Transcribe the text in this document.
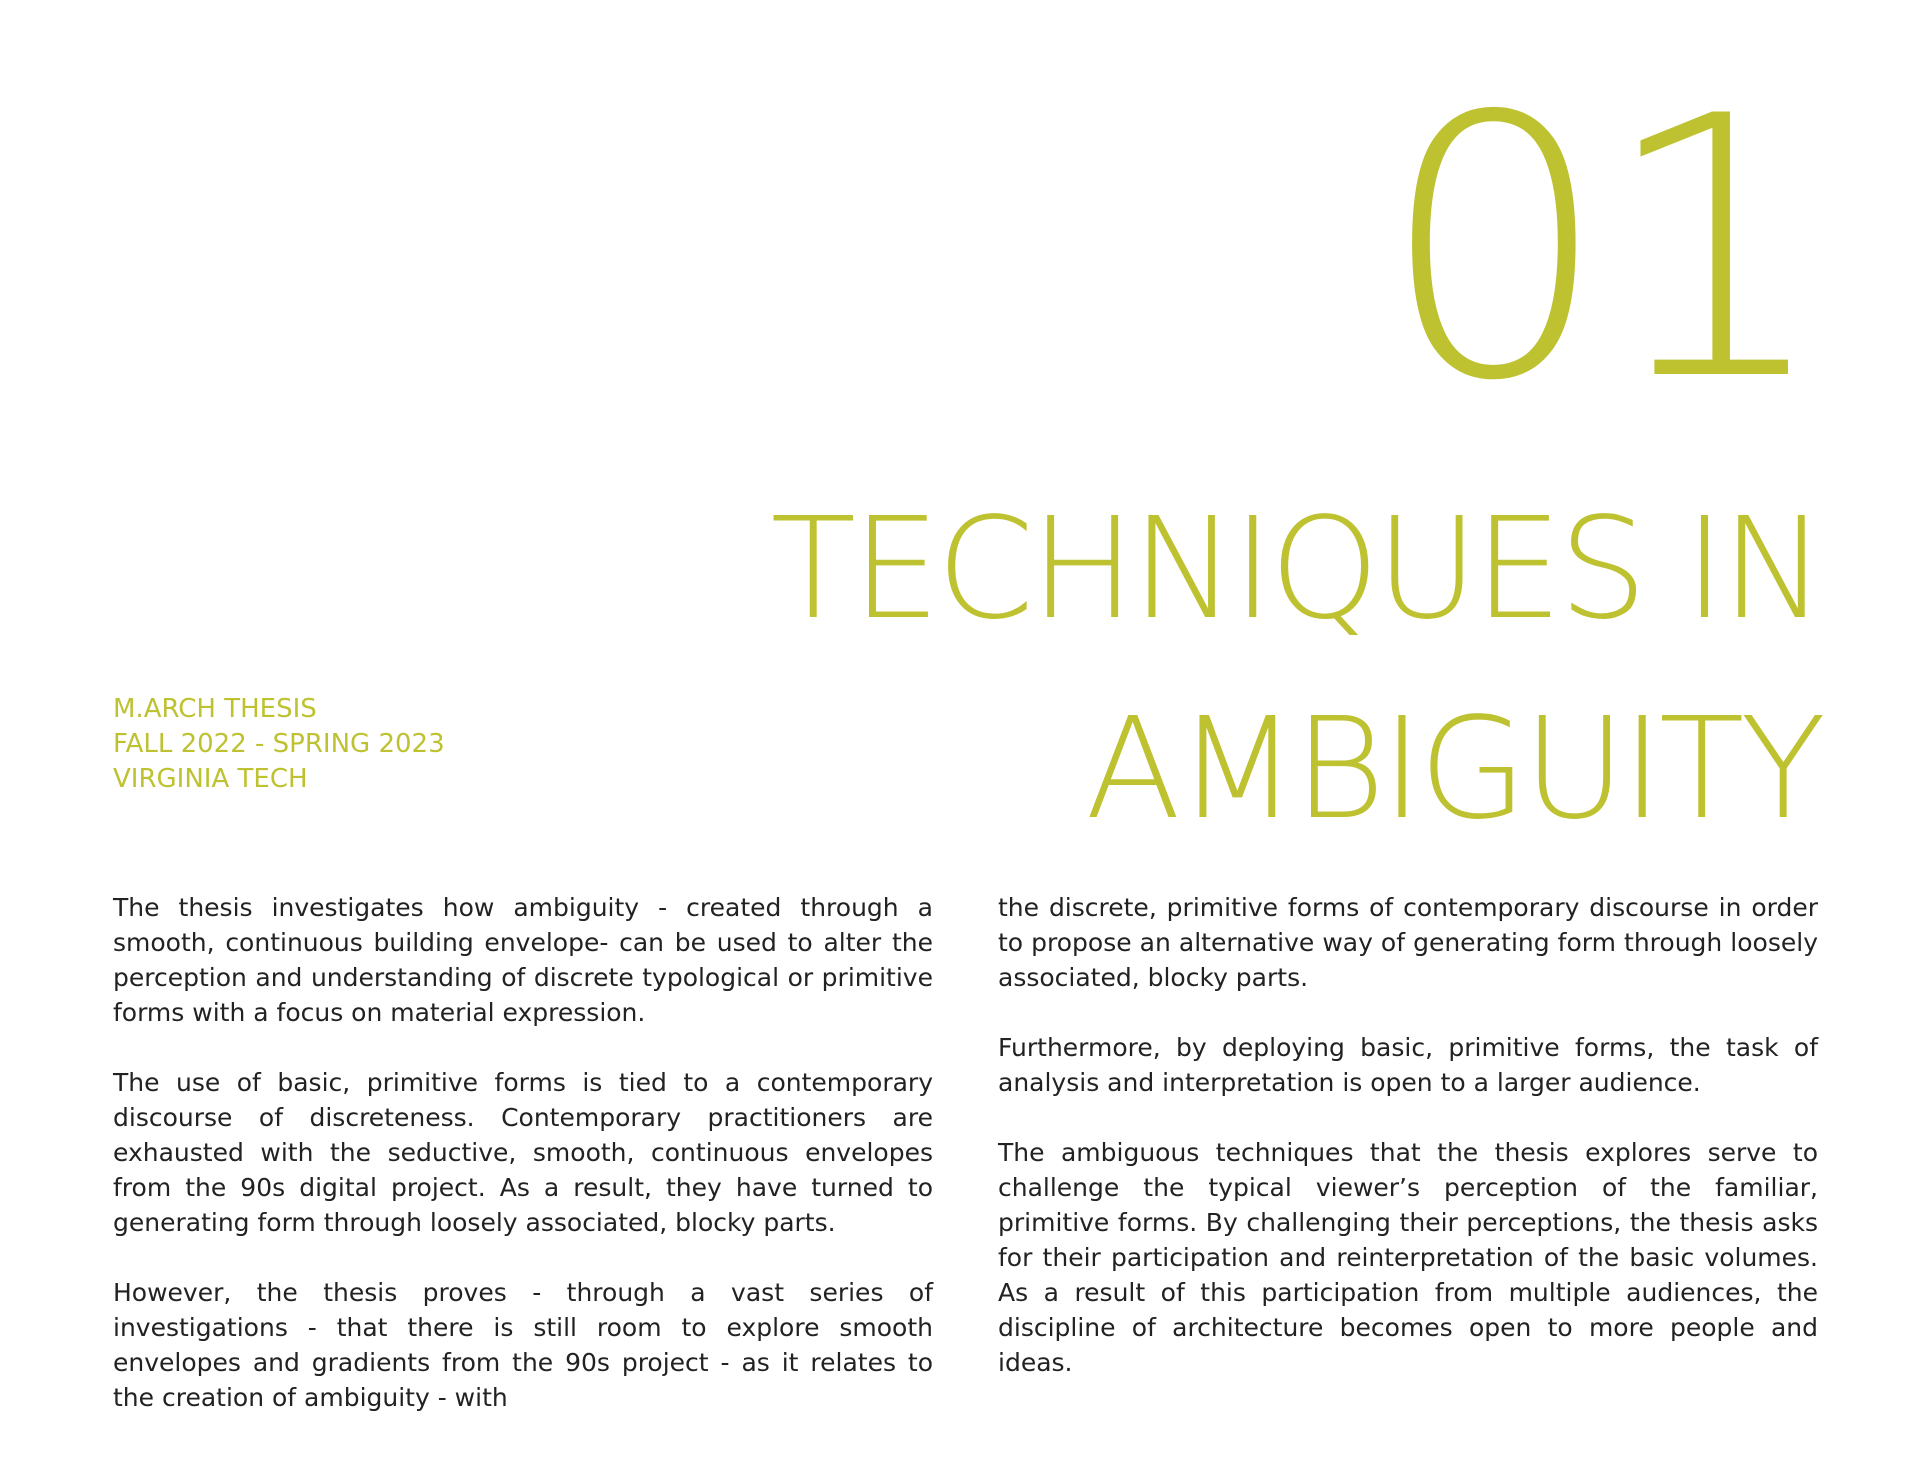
01
TECHNIQUES IN
AMBIGUITY
M.ARCH THESIS
FALL 2022 - SPRING 2023
VIRGINIA TECH

The thesis investigates how ambiguity - created through a smooth, continuous building envelope- can be used to alter the perception and understanding of discrete typological or primitive forms with a focus on material expression.

The use of basic, primitive forms is tied to a contemporary discourse of discreteness. Contemporary practitioners are exhausted with the seductive, smooth, continuous envelopes from the 90s digital project. As a result, they have turned to generating form through loosely associated, blocky parts.

However, the thesis proves - through a vast series of investigations - that there is still room to explore smooth envelopes and gradients from the 90s project - as it relates to the creation of ambiguity - with

the discrete, primitive forms of contemporary discourse in order to propose an alternative way of generating form through loosely associated, blocky parts.

Furthermore, by deploying basic, primitive forms, the task of analysis and interpretation is open to a larger audience.

The ambiguous techniques that the thesis explores serve to challenge the typical viewer’s perception of the familiar, primitive forms. By challenging their perceptions, the thesis asks for their participation and reinterpretation of the basic volumes. As a result of this participation from multiple audiences, the discipline of architecture becomes open to more people and ideas.
